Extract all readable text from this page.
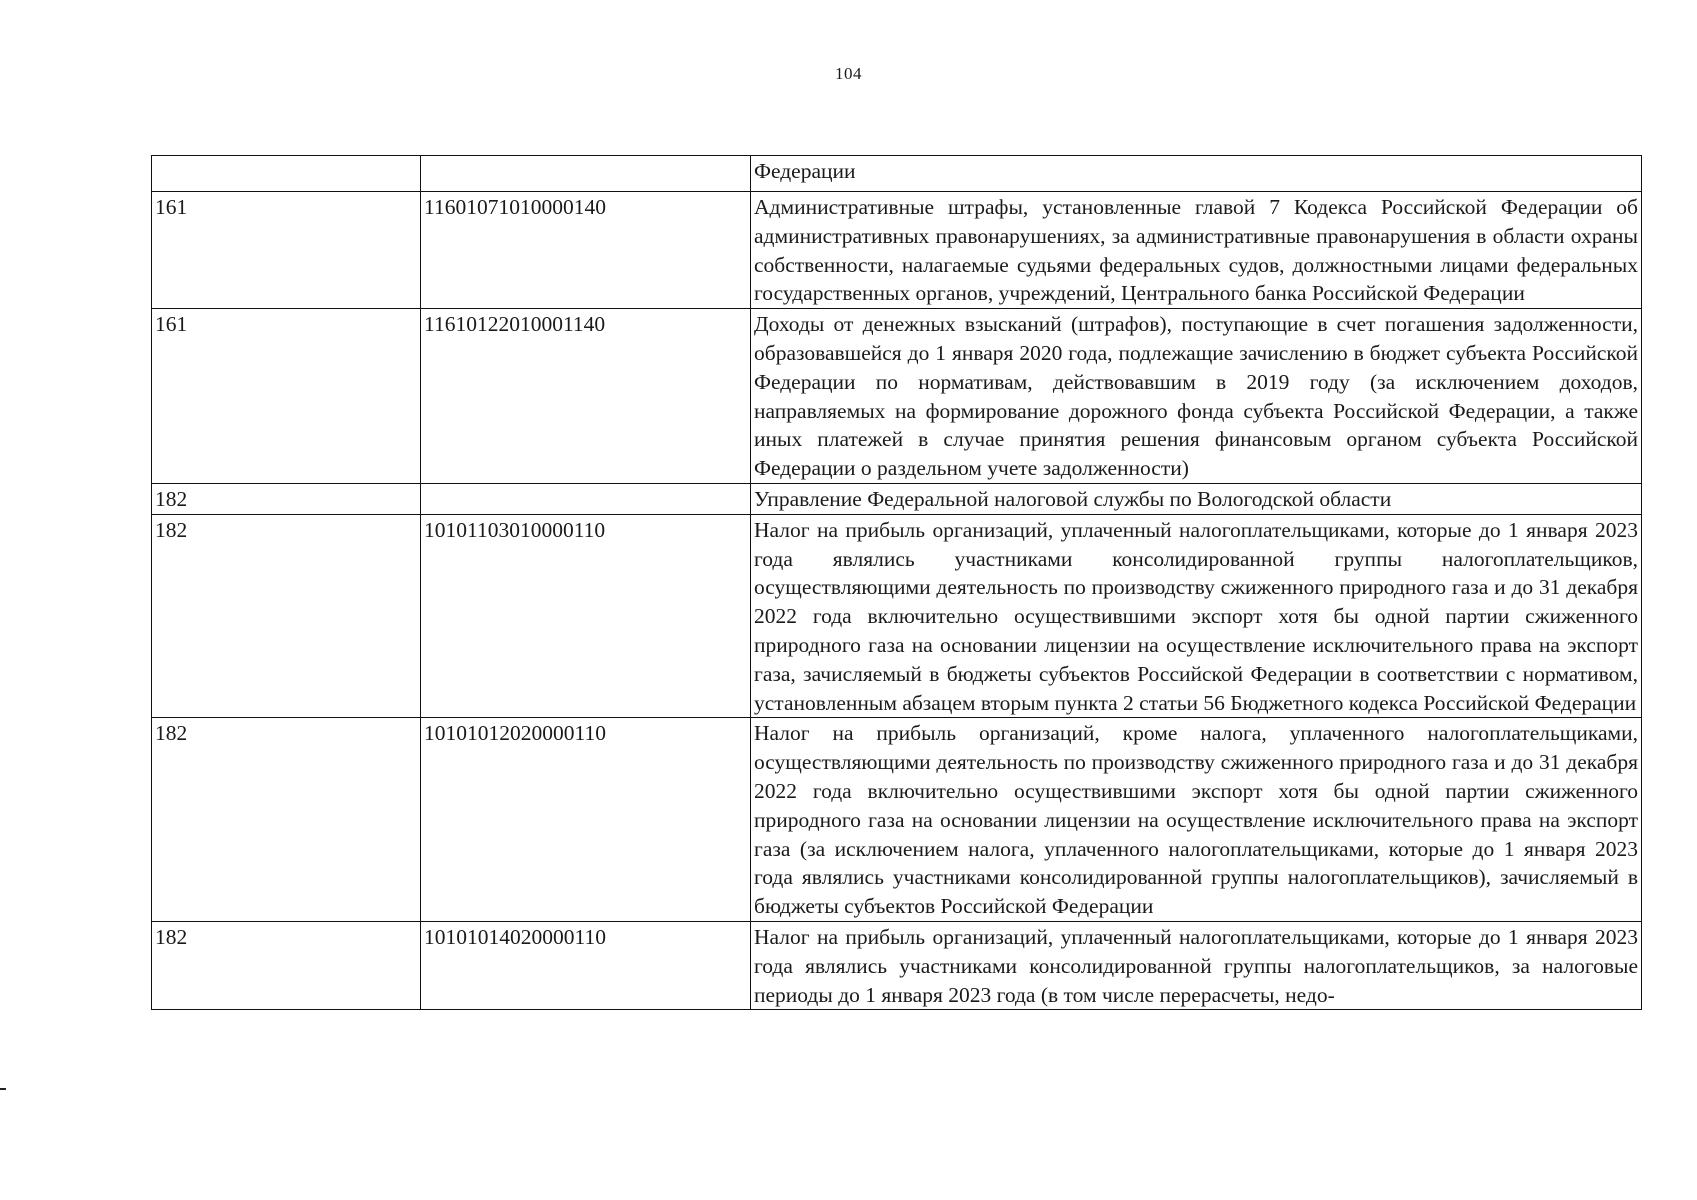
104
		Федерации
161	11601071010000140	Административные штрафы, установленные главой 7 Кодекса Российской Федерации об административных правонарушениях, за административные правонарушения в области охраны собственности, налагаемые судьями федеральных судов, должностными лицами федеральных государственных органов, учреждений, Центрального банка Российской Федерации
161	11610122010001140	Доходы от денежных взысканий (штрафов), поступающие в счет погашения задолженности, образовавшейся до 1 января 2020 года, подлежащие зачислению в бюджет субъекта Российской Федерации по нормативам, действовавшим в 2019 году (за исключением доходов, направляемых на формирование дорожного фонда субъекта Российской Федерации, а также иных платежей в случае принятия решения финансовым органом субъекта Российской Федерации о раздельном учете задолженности)
182		Управление Федеральной налоговой службы по Вологодской области
182	10101103010000110	Налог на прибыль организаций, уплаченный налогоплательщиками, которые до 1 января 2023 года являлись участниками консолидированной группы налогоплательщиков, осуществляющими деятельность по производству сжиженного природного газа и до 31 декабря 2022 года включительно осуществившими экспорт хотя бы одной партии сжиженного природного газа на основании лицензии на осуществление исключительного права на экспорт газа, зачисляемый в бюджеты субъектов Российской Федерации в соответствии с нормативом, установленным абзацем вторым пункта 2 статьи 56 Бюджетного кодекса Российской Федерации
182	10101012020000110	Налог на прибыль организаций, кроме налога, уплаченного налогоплательщиками, осуществляющими деятельность по производству сжиженного природного газа и до 31 декабря 2022 года включительно осуществившими экспорт хотя бы одной партии сжиженного природного газа на основании лицензии на осуществление исключительного права на экспорт газа (за исключением налога, уплаченного налогоплательщиками, которые до 1 января 2023 года являлись участниками консолидированной группы налогоплательщиков), зачисляемый в бюджеты субъектов Российской Федерации
182	10101014020000110	Налог на прибыль организаций, уплаченный налогоплательщиками, которые до 1 января 2023 года являлись участниками консолидированной группы налогоплательщиков, за налоговые периоды до 1 января 2023 года (в том числе перерасчеты, недо-
